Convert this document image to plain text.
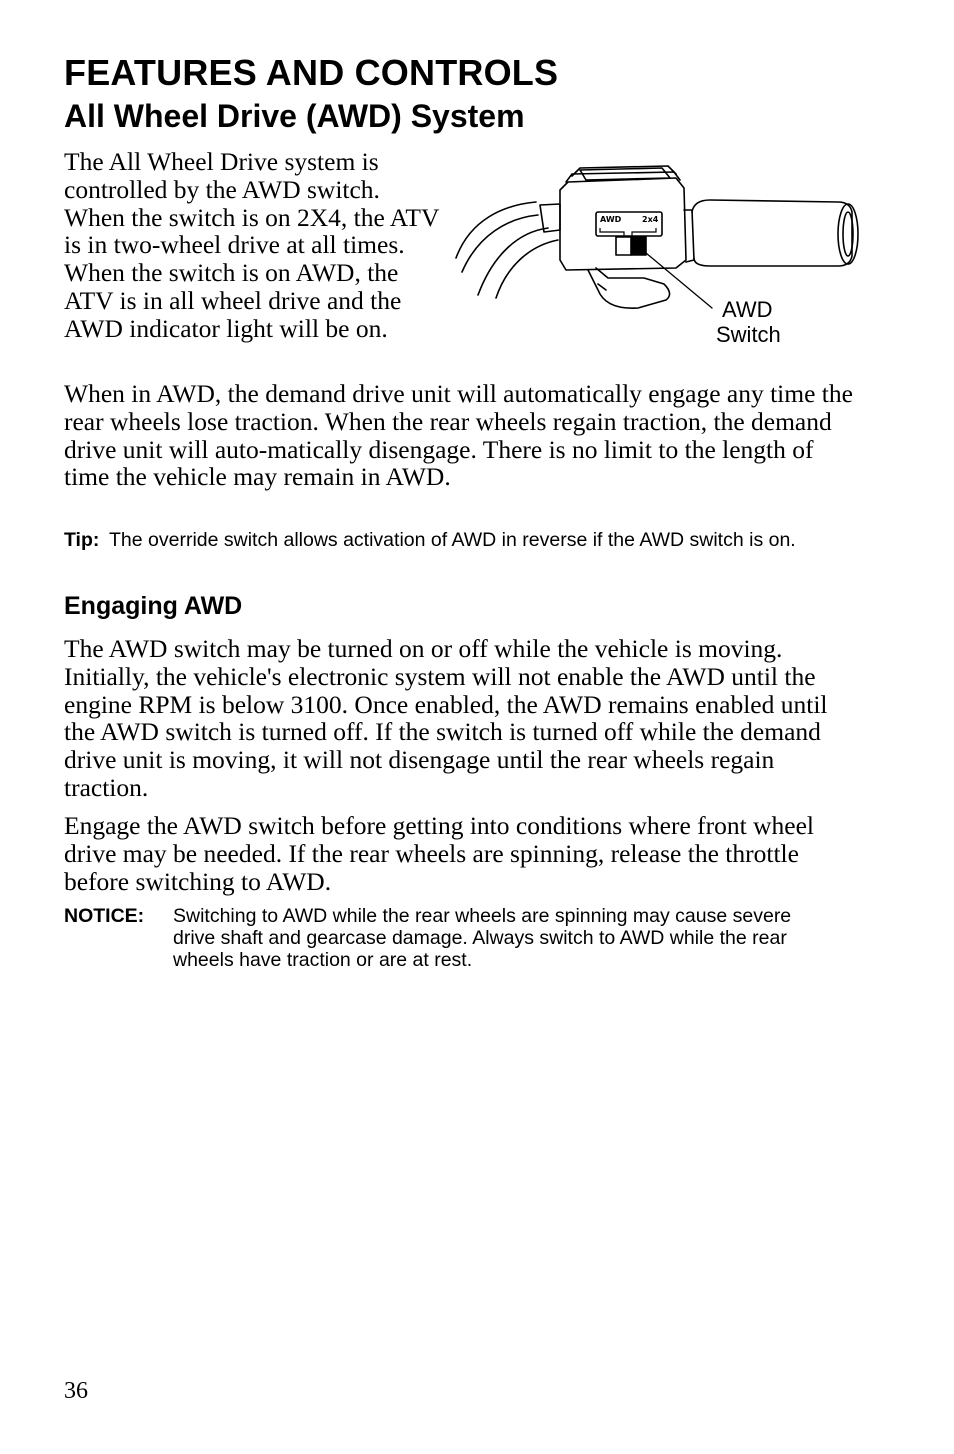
FEATURES AND CONTROLS
All Wheel Drive (AWD) System

The All Wheel Drive system is controlled by the AWD switch. When the switch is on 2X4, the ATV is in two-wheel drive at all times. When the switch is on AWD, the ATV is in all wheel drive and the AWD indicator light will be on.

AWD	2x4
AWD
Switch

When in AWD, the demand drive unit will automatically engage any time the rear wheels lose traction. When the rear wheels regain traction, the demand drive unit will auto-matically disengage. There is no limit to the length of time the vehicle may remain in AWD.

Tip: The override switch allows activation of AWD in reverse if the AWD switch is on.
Engaging AWD

The AWD switch may be turned on or off while the vehicle is moving. Initially, the vehicle's electronic system will not enable the AWD until the engine RPM is below 3100. Once enabled, the AWD remains enabled until the AWD switch is turned off. If the switch is turned off while the demand drive unit is moving, it will not disengage until the rear wheels regain traction.

Engage the AWD switch before getting into conditions where front wheel drive may be needed. If the rear wheels are spinning, release the throttle before switching to AWD.

NOTICE: Switching to AWD while the rear wheels are spinning may cause severe drive shaft and gearcase damage. Always switch to AWD while the rear wheels have traction or are at rest.
36
